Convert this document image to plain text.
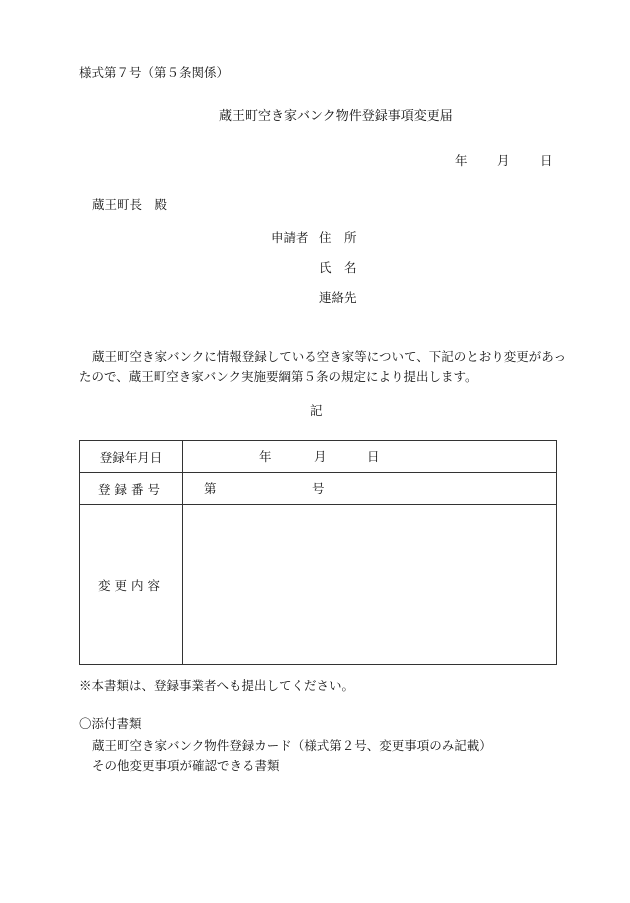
様式第７号（第５条関係）
蔵王町空き家バンク物件登録事項変更届
年 月 日
蔵王町長　殿
申請者 住　所
氏　名
連絡先
蔵王町空き家バンクに情報登録している空き家等について、下記のとおり変更があっ
たので、蔵王町空き家バンク実施要綱第５条の規定により提出します。
記
登録年月日	年 月 日

登録番号	第 号

変更内容	
※本書類は、登録事業者へも提出してください。
〇添付書類
蔵王町空き家バンク物件登録カード（様式第２号、変更事項のみ記載）
その他変更事項が確認できる書類
